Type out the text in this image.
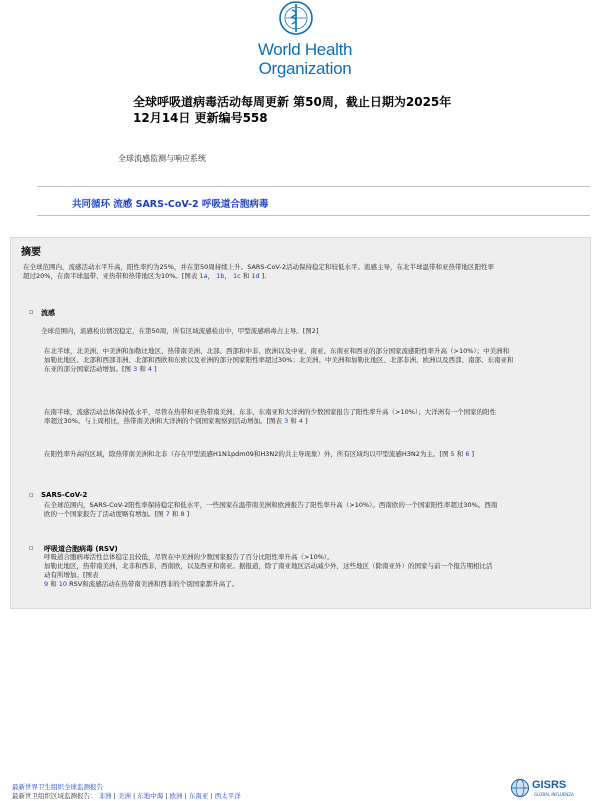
World Health
Organization
全球呼吸道病毒活动每周更新 第50周，截止日期为2025年
12月14日 更新编号558
全球流感监测与响应系统
共同循环 流感 SARS-CoV-2 呼吸道合胞病毒
摘要
在全球范围内，流感活动水平升高，阳性率约为25%，并在第50周持续上升。SARS-CoV-2活动保持稳定和较低水平。流感主导，在北半球温带和亚热带地区阳性率
超过20%，在南半球温带、亚热带和热带地区为10%。[图表 1a， 1b， 1c 和 1d ].
▫ 流感
全球范围内，流感检出情况稳定，在第50周，所有区域流感检出中，甲型流感病毒占主导。[图2]
在北半球，北美洲、中美洲和加勒比地区、热带南美洲、北部、西部和中非、欧洲以及中亚、南亚、东南亚和西亚的部分国家流感阳性率升高（>10%）；中美洲和
加勒比地区、北部和西部非洲、北部和西欧和东欧以及亚洲的部分国家阳性率超过30%；北美洲、中美洲和加勒比地区、北部非洲、欧洲以及西部、南部、东南亚和
东亚的部分国家活动增加。[图 3 和 4 ]
在南半球，流感活动总体保持低水平，尽管在热带和亚热带南美洲、东非、东南亚和大洋洲的少数国家报告了阳性率升高（>10%）；大洋洲有一个国家的阳性
率超过30%。与上周相比，热带南美洲和大洋洲的个别国家观察到活动增加。[图表 3 和 4 ]
在阳性率升高的区域，除热带南美洲和北非（存在甲型流感H1N1pdm09和H3N2的共主导现象）外，所有区域均以甲型流感H3N2为主。[图 5 和 6 ]
▫ SARS-CoV-2
在全球范围内，SARS-CoV-2阳性率保持稳定和低水平，一些国家在温带南美洲和欧洲报告了阳性率升高（>10%）。西南欧的一个国家阳性率超过30%。西南
欧的一个国家报告了活动度略有增加。[图 7 和 8 ]
▫ 呼吸道合胞病毒 (RSV)
呼吸道合胞病毒活性总体稳定且较低，尽管在中美洲的少数国家报告了百分比阳性率升高（>10%）。
加勒比地区，热带南美洲，北非和西非，西南欧，以及西亚和南亚。据报道，除了南亚地区活动减少外，这些地区（除南亚外）的国家与前一个报告期相比活
动有所增加。[图表
9 和 10 RSV和流感活动在热带南美洲和西非的个别国家都升高了。
最新世界卫生组织全球监测报告
最新世卫组织区域监测报告： 非洲 | 美洲 | 东地中海 | 欧洲 | 东南亚 | 西太平洋
GISRS
GLOBAL INFLUENZA
